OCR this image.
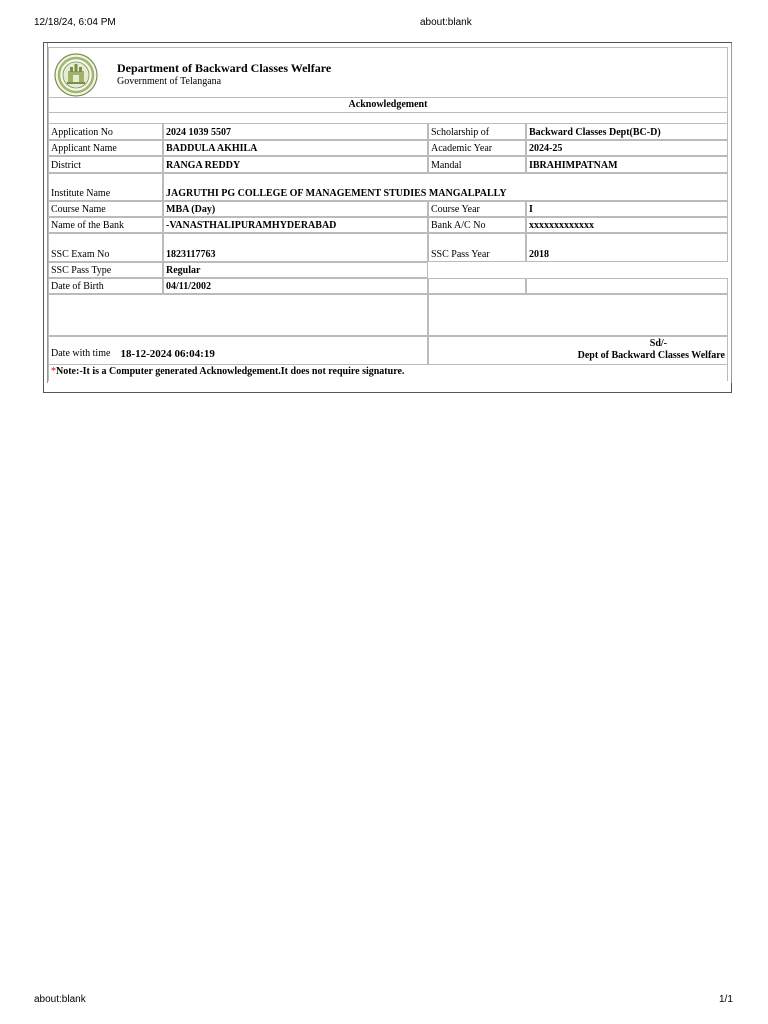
12/18/24, 6:04 PM	about:blank
Department of Backward Classes Welfare
Government of Telangana
Acknowledgement
Application No	2024 1039 5507	Scholarship of	Backward Classes Dept(BC-D)
Applicant Name	BADDULA AKHILA	Academic Year	2024-25
District	RANGA REDDY	Mandal	IBRAHIMPATNAM
Institute Name	JAGRUTHI PG COLLEGE OF MANAGEMENT STUDIES MANGALPALLY
Course Name	MBA (Day)	Course Year	I
Name of the Bank	-VANASTHALIPURAMHYDERABAD	Bank A/C No	xxxxxxxxxxxxx
SSC Exam No	1823117763	SSC Pass Year	2018
SSC Pass Type	Regular
Date of Birth	04/11/2002
Date with time 18-12-2024 06:04:19
Sd/-
Dept of Backward Classes Welfare
*Note:-It is a Computer generated Acknowledgement.It does not require signature.
about:blank	1/1
